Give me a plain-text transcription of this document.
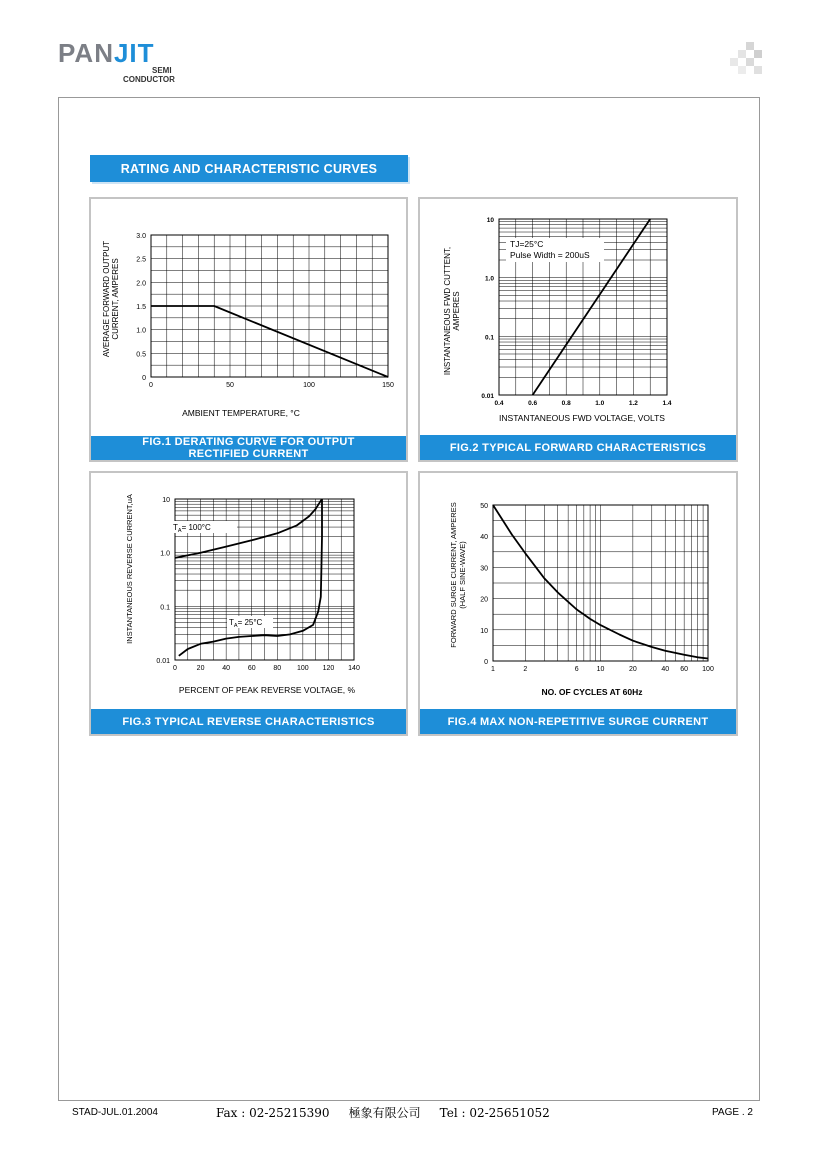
PANJIT
SEMI
CONDUCTOR
RATING AND CHARACTERISTIC CURVES
0	50	100	150
0
0.5
1.0
1.5
2.0
2.5
3.0
AMBIENT TEMPERATURE, °C
AVERAGE FORWARD OUTPUT CURRENT, AMPERES
FIG.1 DERATING CURVE FOR OUTPUT
RECTIFIED CURRENT
0.4	0.6	0.8	1.0	1.2	1.4
0.01
0.1
1.0
10
TJ=25°C
Pulse Width = 200uS
INSTANTANEOUS FWD VOLTAGE, VOLTS
INSTANTANEOUS FWD CUTTENT, AMPERES
FIG.2 TYPICAL FORWARD CHARACTERISTICS
0	20	40	60	80 100 120 140
0.01
0.1
1.0
10
$T_A= 100^\circ C$
$T_A= 25^\circ C$
PERCENT OF PEAK REVERSE VOLTAGE, %
INSTANTANEOUS REVERSE CURRENT,uA
FIG.3 TYPICAL REVERSE CHARACTERISTICS
1	2	6	10	20	40 60 100
0
10
20
30
40
50
NO. OF CYCLES AT 60Hz
FORWARD SURGE CURRENT, AMPERES (HALF SINE-WAVE)
FIG.4 MAX NON-REPETITIVE SURGE CURRENT
STAD-JUL.01.2004	Fax : 02-25215390     極象有限公司     Tel : 02-25651052	PAGE . 2
